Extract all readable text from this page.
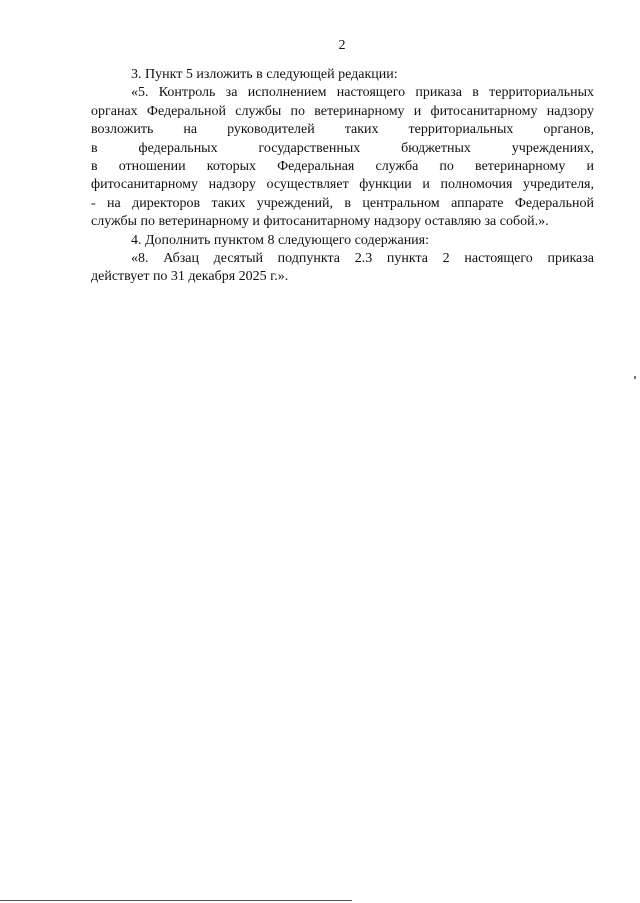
2
3. Пункт 5 изложить в следующей редакции:
«5. Контроль за исполнением настоящего приказа в территориальных
органах Федеральной службы по ветеринарному и фитосанитарному надзору
возложить на руководителей таких территориальных органов,
в федеральных государственных бюджетных учреждениях,
в отношении которых Федеральная служба по ветеринарному и
фитосанитарному надзору осуществляет функции и полномочия учредителя,
- на директоров таких учреждений, в центральном аппарате Федеральной
службы по ветеринарному и фитосанитарному надзору оставляю за собой.».
4. Дополнить пунктом 8 следующего содержания:
«8. Абзац десятый подпункта 2.3 пункта 2 настоящего приказа
действует по 31 декабря 2025 г.».
